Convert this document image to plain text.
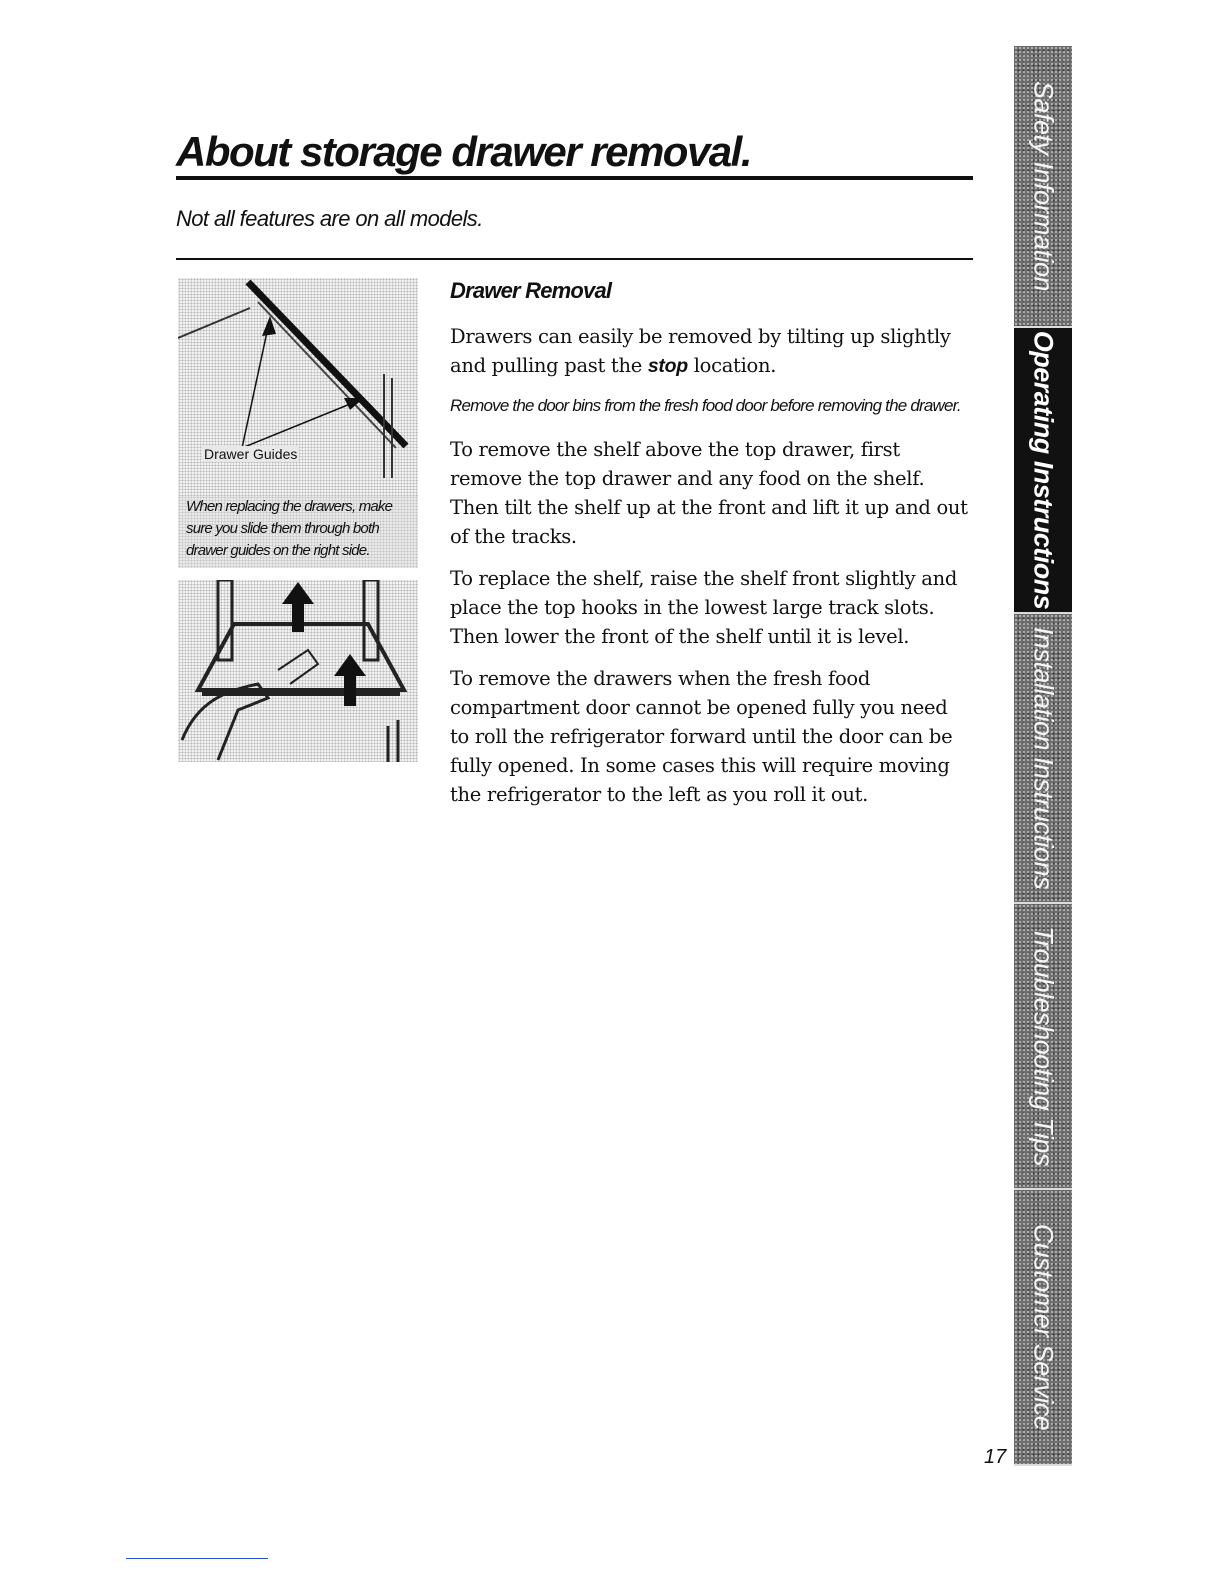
About storage drawer removal.

Not all features are on all models.

Drawer Guides
When replacing the drawers, make sure you slide them through both drawer guides on the right side.
Drawer Removal

Drawers can easily be removed by tilting up slightly and pulling past the stop location.

Remove the door bins from the fresh food door before removing the drawer.

To remove the shelf above the top drawer, first remove the top drawer and any food on the shelf. Then tilt the shelf up at the front and lift it up and out of the tracks.

To replace the shelf, raise the shelf front slightly and place the top hooks in the lowest large track slots. Then lower the front of the shelf until it is level.

To remove the drawers when the fresh food compartment door cannot be opened fully you need to roll the refrigerator forward until the door can be fully opened. In some cases this will require moving the refrigerator to the left as you roll it out.

Safety Information
Operating Instructions
Installation Instructions
Troubleshooting Tips
Customer Service
17
